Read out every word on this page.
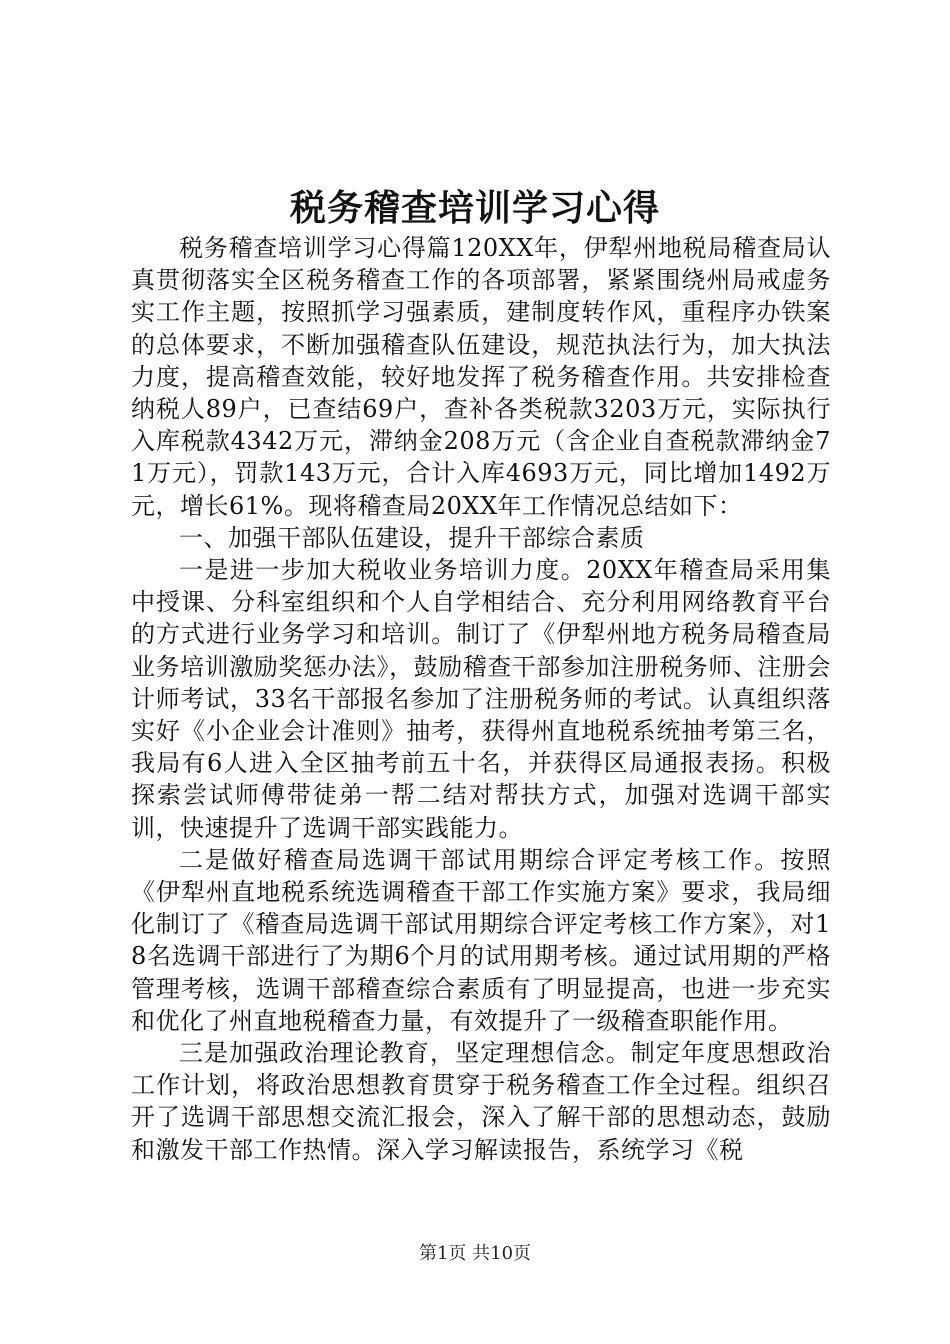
税务稽查培训学习心得

税务稽查培训学习心得篇120XX年，伊犁州地税局稽查局认真贯彻落实全区税务稽查工作的各项部署，紧紧围绕州局戒虚务实工作主题，按照抓学习强素质，建制度转作风，重程序办铁案的总体要求，不断加强稽查队伍建设，规范执法行为，加大执法力度，提高稽查效能，较好地发挥了税务稽查作用。共安排检查纳税人89户，已查结69户，查补各类税款3203万元，实际执行入库税款4342万元，滞纳金208万元（含企业自查税款滞纳金71万元），罚款143万元，合计入库4693万元，同比增加1492万元，增长61%。现将稽查局20XX年工作情况总结如下：

一、加强干部队伍建设，提升干部综合素质

一是进一步加大税收业务培训力度。20XX年稽查局采用集中授课、分科室组织和个人自学相结合、充分利用网络教育平台的方式进行业务学习和培训。制订了《伊犁州地方税务局稽查局业务培训激励奖惩办法》，鼓励稽查干部参加注册税务师、注册会计师考试，33名干部报名参加了注册税务师的考试。认真组织落实好《小企业会计准则》抽考，获得州直地税系统抽考第三名，我局有6人进入全区抽考前五十名，并获得区局通报表扬。积极探索尝试师傅带徒弟一帮二结对帮扶方式，加强对选调干部实训，快速提升了选调干部实践能力。

二是做好稽查局选调干部试用期综合评定考核工作。按照《伊犁州直地税系统选调稽查干部工作实施方案》要求，我局细化制订了《稽查局选调干部试用期综合评定考核工作方案》，对18名选调干部进行了为期6个月的试用期考核。通过试用期的严格管理考核，选调干部稽查综合素质有了明显提高，也进一步充实和优化了州直地税稽查力量，有效提升了一级稽查职能作用。

三是加强政治理论教育，坚定理想信念。制定年度思想政治工作计划，将政治思想教育贯穿于税务稽查工作全过程。组织召开了选调干部思想交流汇报会，深入了解干部的思想动态，鼓励和激发干部工作热情。深入学习解读报告，系统学习《税

第1页 共10页
